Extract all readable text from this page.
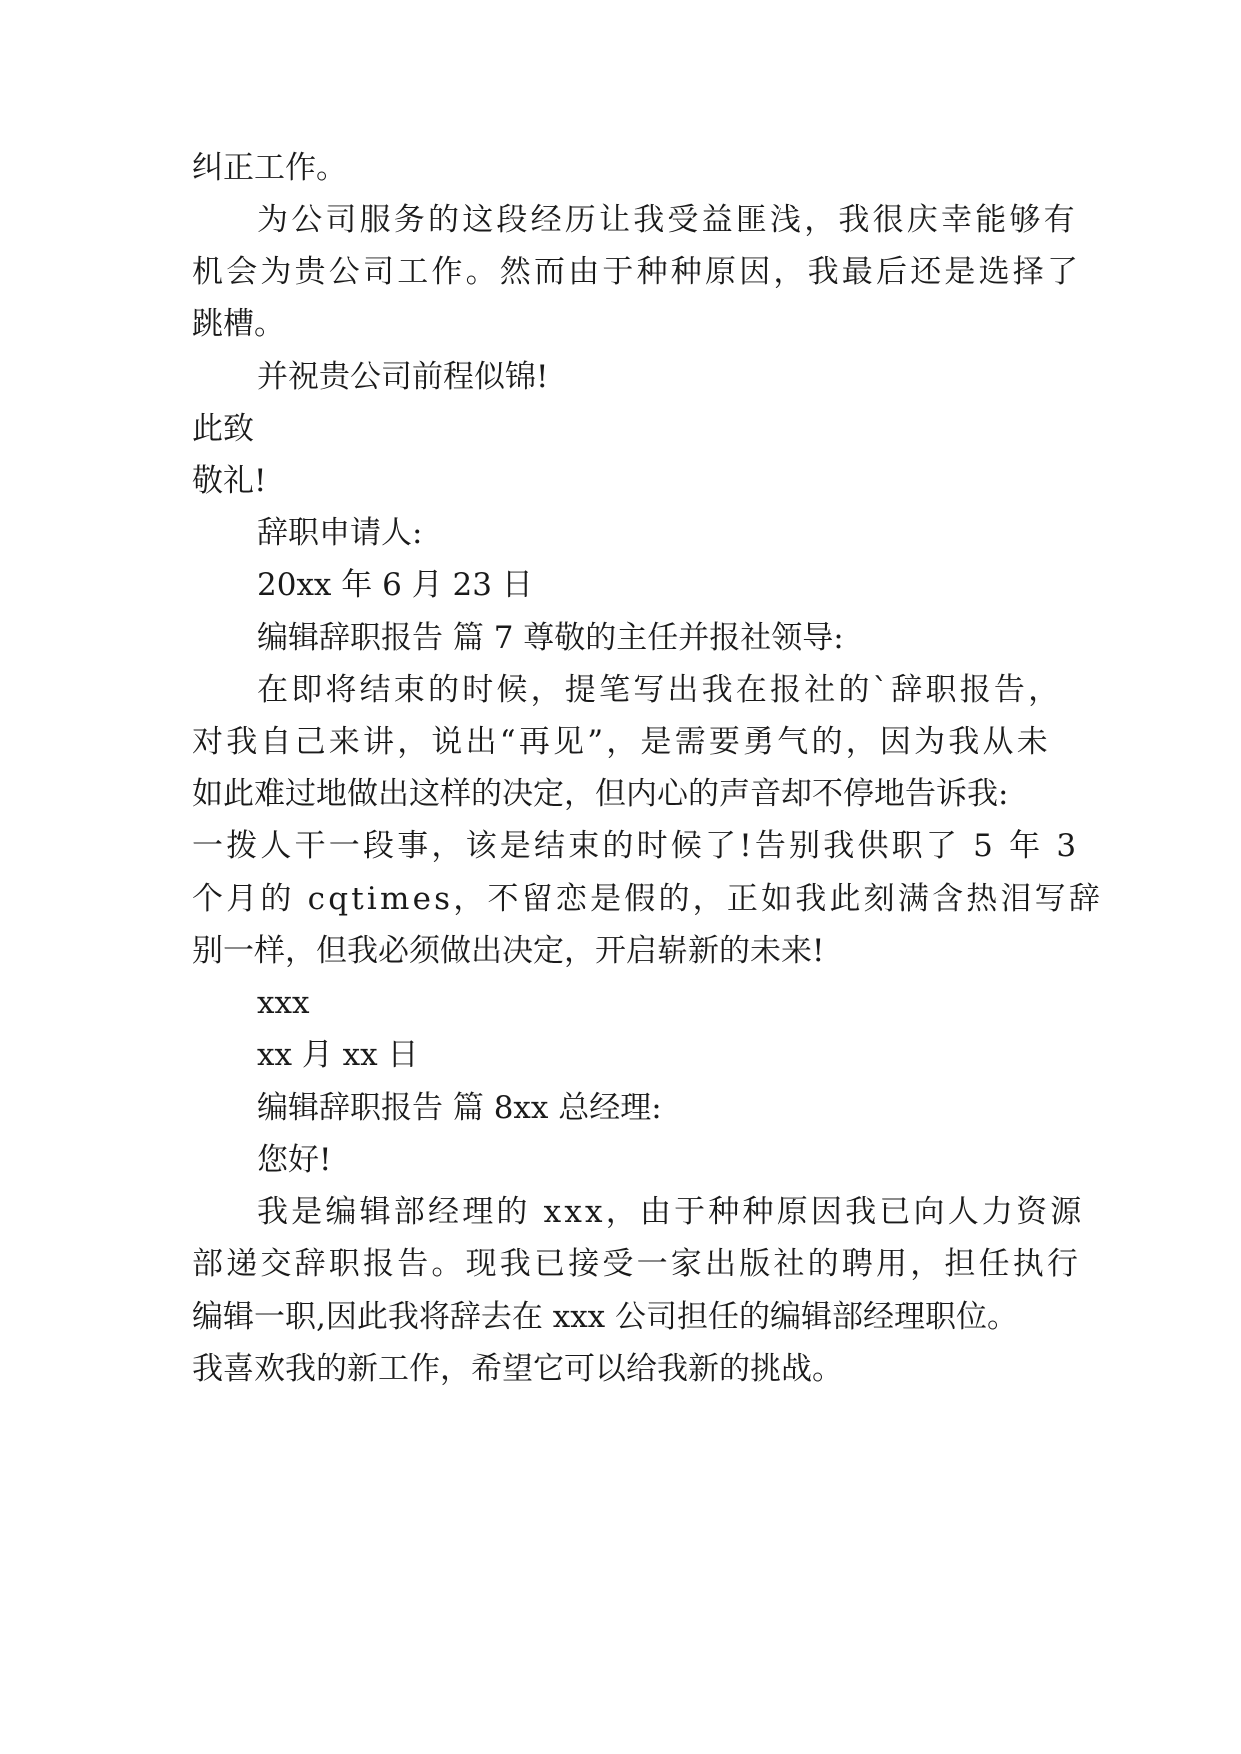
纠正工作。
为公司服务的这段经历让我受益匪浅，我很庆幸能够有
机会为贵公司工作。然而由于种种原因，我最后还是选择了
跳槽。
并祝贵公司前程似锦!
此致
敬礼!
辞职申请人:
20xx 年 6 月 23 日
编辑辞职报告 篇 7 尊敬的主任并报社领导:
在即将结束的时候，提笔写出我在报社的`辞职报告，
对我自己来讲，说出“再见”，是需要勇气的，因为我从未
如此难过地做出这样的决定，但内心的声音却不停地告诉我:
一拨人干一段事，该是结束的时候了!告别我供职了 5 年 3
个月的 cqtimes，不留恋是假的，正如我此刻满含热泪写辞
别一样，但我必须做出决定，开启崭新的未来!
xxx
xx 月 xx 日
编辑辞职报告 篇 8xx 总经理:
您好!
我是编辑部经理的 xxx，由于种种原因我已向人力资源
部递交辞职报告。现我已接受一家出版社的聘用，担任执行
编辑一职,因此我将辞去在 xxx 公司担任的编辑部经理职位。
我喜欢我的新工作，希望它可以给我新的挑战。
